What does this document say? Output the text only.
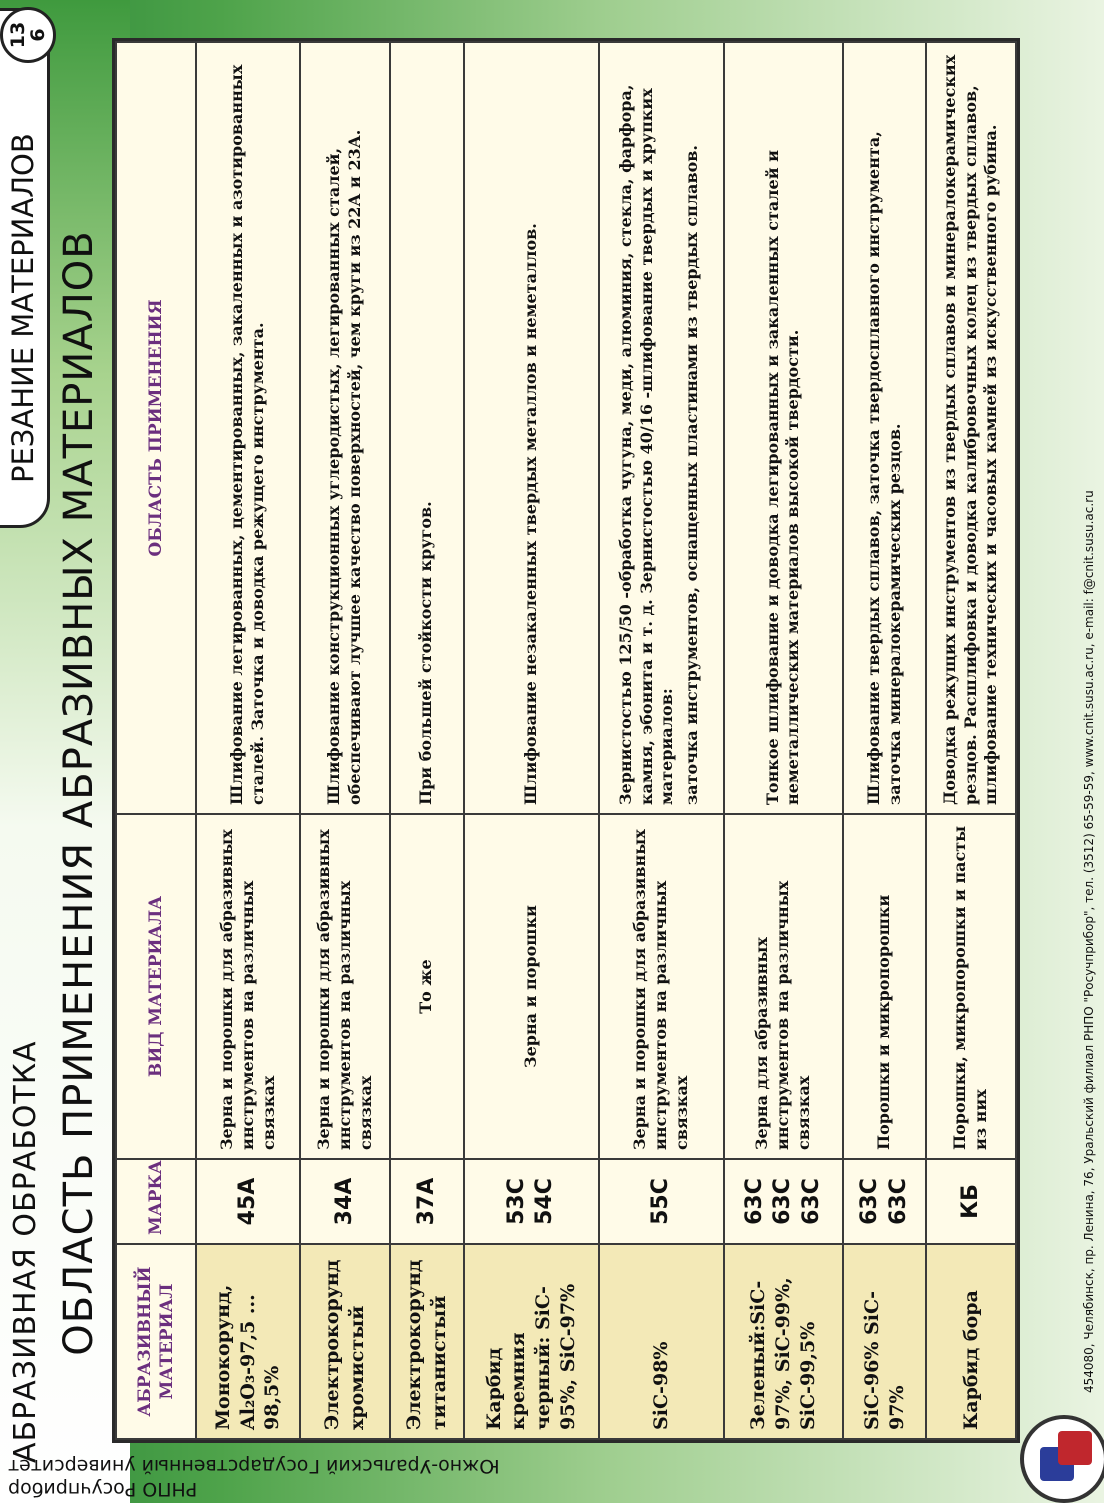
АБРАЗИВНАЯ ОБРАБОТКА
РЕЗАНИЕ МАТЕРИАЛОВ
13
6
ОБЛАСТЬ ПРИМЕНЕНИЯ АБРАЗИВНЫХ МАТЕРИАЛОВ АБРАЗИВНЫЙ МАТЕРИАЛ	МАРКА	ВИД МАТЕРИАЛА	ОБЛАСТЬ ПРИМЕНЕНИЯ
Монокорунд, Al₂O₃-97,5 ... 98,5%	45А	Зерна и порошки для абразивных инструментов на различных связках	Шлифование легированных, цементированных, закаленных и азотированных сталей. Заточка и доводка режущего инструмента.
Электрокорунд хромистый	34А	Зерна и порошки для абразивных инструментов на различных связках	Шлифование конструкционных углеродистых, легированных сталей, обеспечивают лучшее качество поверхностей, чем круги из 22А и 23А.
Электрокорунд титанистый	37А	То же	При большей стойкости кругов.
Карбид кремния черный: SiC-95%, SiC-97%	53С 54С	Зерна и порошки	Шлифование незакаленных твердых металлов и неметаллов.
SiC-98%	55С	Зерна и порошки для абразивных инструментов на различных связках	Зернистостью 125/50 -обработка чугуна, меди, алюминия, стекла, фарфора, камня, эбонита и т. д. Зернистостью 40/16 -шлифование твердых и хрупких материалов: заточка инструментов, оснащенных пластинами из твердых сплавов.

Зеленый:SiC-97%, SiC-99%, SiC-99,5%	63С 63С 63С	Зерна для абразивных инструментов на различных связках	Тонкое шлифование и доводка легированных и закаленных сталей и неметаллических материалов высокой твердости.
SiC-96% SiC-97%	63С 63С	Порошки и микропорошки	Шлифование твердых сплавов, заточка твердосплавного инструмента, заточка минералокерамических резцов.
Карбид бора	КБ	Порошки, микропорошки и пасты из них	Доводка режущих инструментов из твердых сплавов и минералокерамических резцов. Расшлифовка и доводка калибровочных колец из твердых сплавов, шлифование технических и часовых камней из искусственного рубина.
454080, Челябинск, пр. Ленина, 76, Уральский филиал РНПО "Росучприбор", тел. (3512) 65-59-59, www.cnit.susu.ac.ru, e-mail: f@cnit.susu.ac.ru
Южно-Уральский Государственный университет
РНПО Росучприбор
